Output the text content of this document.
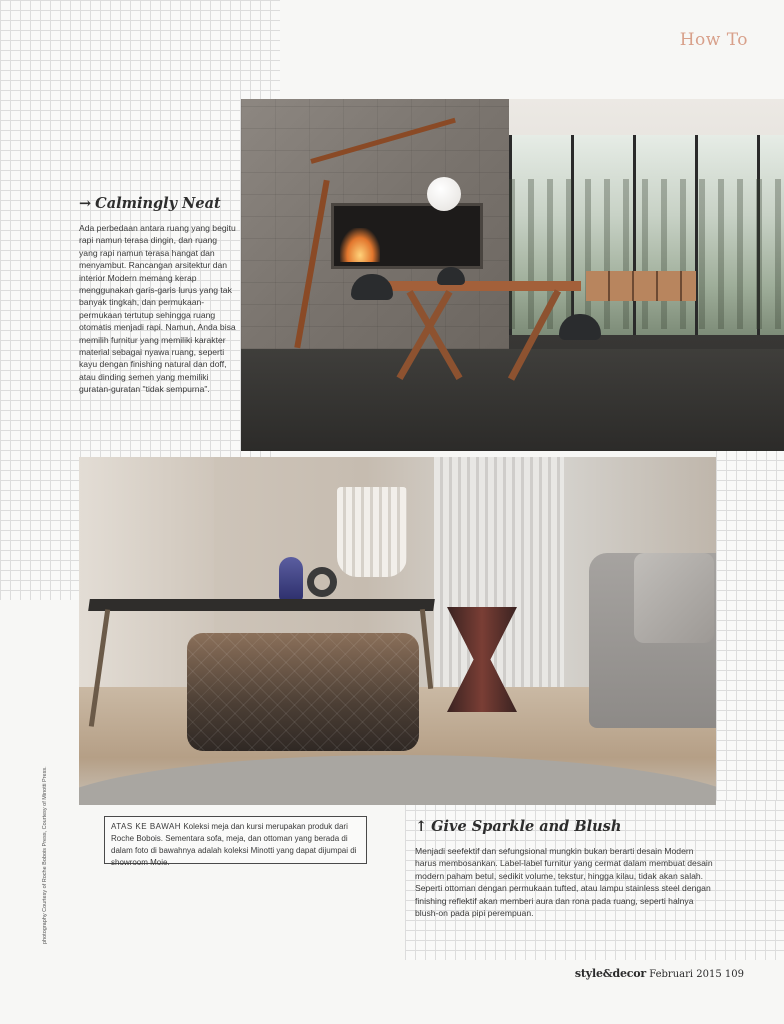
How To
→ Calmingly Neat

Ada perbedaan antara ruang yang begitu rapi namun terasa dingin, dan ruang yang rapi namun terasa hangat dan menyambut. Rancangan arsitektur dan interior Modern memang kerap menggunakan garis-garis lurus yang tak banyak tingkah, dan permukaan-permukaan tertutup sehingga ruang otomatis menjadi rapi. Namun, Anda bisa memilih furnitur yang memiliki karakter material sebagai nyawa ruang, seperti kayu dengan finishing natural dan doff, atau dinding semen yang memiliki guratan-guratan "tidak sempurna".

ATAS KE BAWAH Koleksi meja dan kursi merupakan produk dari Roche Bobois. Sementara sofa, meja, dan ottoman yang berada di dalam foto di bawahnya adalah koleksi Minotti yang dapat dijumpai di showroom Moie.

↑ Give Sparkle and Blush

Menjadi seefektif dan sefungsional mungkin bukan berarti desain Modern harus membosankan. Label-label furnitur yang cermat dalam membuat desain modern paham betul, sedikit volume, tekstur, hingga kilau, tidak akan salah. Seperti ottoman dengan permukaan tufted, atau lampu stainless steel dengan finishing reflektif akan memberi aura dan rona pada ruang, seperti halnya blush-on pada pipi perempuan.

photography Courtesy of Roche Bobois Press, Courtesy of Minotti Press.
style&decor Februari 2015 109
